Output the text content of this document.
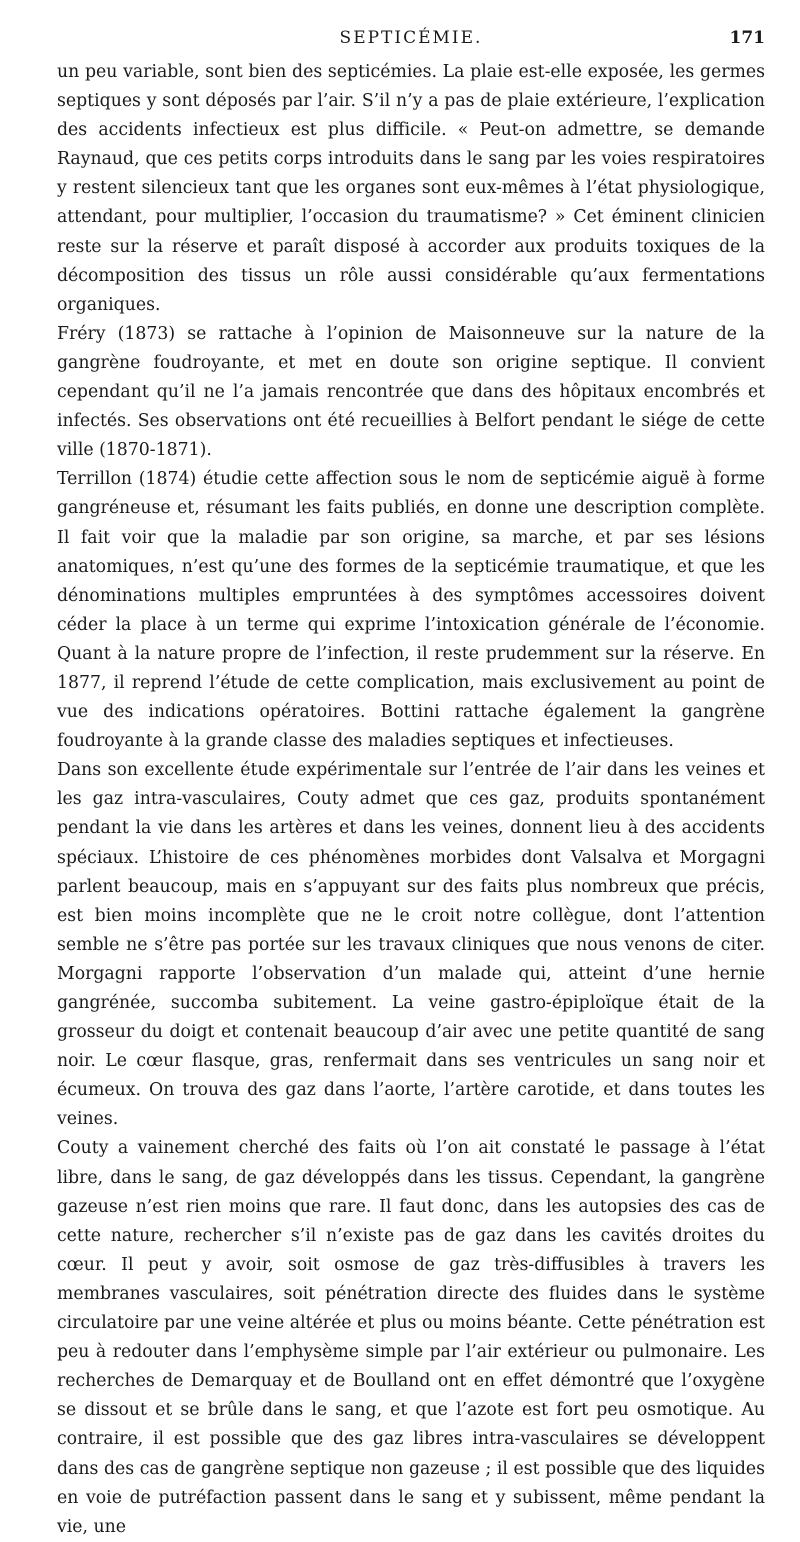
SEPTICÉMIE.	171

un peu variable, sont bien des septicémies. La plaie est-elle exposée, les germes septiques y sont déposés par l’air. S’il n’y a pas de plaie extérieure, l’explication des accidents infectieux est plus difficile. « Peut-on admettre, se demande Raynaud, que ces petits corps introduits dans le sang par les voies respiratoires y restent silencieux tant que les organes sont eux-mêmes à l’état physiologique, attendant, pour multiplier, l’occasion du traumatisme? » Cet éminent clinicien reste sur la réserve et paraît disposé à accorder aux produits toxiques de la décomposition des tissus un rôle aussi considérable qu’aux fermentations organiques.

Fréry (1873) se rattache à l’opinion de Maisonneuve sur la nature de la gangrène foudroyante, et met en doute son origine septique. Il convient cependant qu’il ne l’a jamais rencontrée que dans des hôpitaux encombrés et infectés. Ses observations ont été recueillies à Belfort pendant le siége de cette ville (1870-1871).

Terrillon (1874) étudie cette affection sous le nom de septicémie aiguë à forme gangréneuse et, résumant les faits publiés, en donne une description complète. Il fait voir que la maladie par son origine, sa marche, et par ses lésions anatomiques, n’est qu’une des formes de la septicémie traumatique, et que les dénominations multiples empruntées à des symptômes accessoires doivent céder la place à un terme qui exprime l’intoxication générale de l’économie. Quant à la nature propre de l’infection, il reste prudemment sur la réserve. En 1877, il reprend l’étude de cette complication, mais exclusivement au point de vue des indications opératoires. Bottini rattache également la gangrène foudroyante à la grande classe des maladies septiques et infectieuses.

Dans son excellente étude expérimentale sur l’entrée de l’air dans les veines et les gaz intra-vasculaires, Couty admet que ces gaz, produits spontanément pendant la vie dans les artères et dans les veines, donnent lieu à des accidents spéciaux. L’histoire de ces phénomènes morbides dont Valsalva et Morgagni parlent beaucoup, mais en s’appuyant sur des faits plus nombreux que précis, est bien moins incomplète que ne le croit notre collègue, dont l’attention semble ne s’être pas portée sur les travaux cliniques que nous venons de citer. Morgagni rapporte l’observation d’un malade qui, atteint d’une hernie gangrénée, succomba subitement. La veine gastro-épiploïque était de la grosseur du doigt et contenait beaucoup d’air avec une petite quantité de sang noir. Le cœur flasque, gras, renfermait dans ses ventricules un sang noir et écumeux. On trouva des gaz dans l’aorte, l’artère carotide, et dans toutes les veines.

Couty a vainement cherché des faits où l’on ait constaté le passage à l’état libre, dans le sang, de gaz développés dans les tissus. Cependant, la gangrène gazeuse n’est rien moins que rare. Il faut donc, dans les autopsies des cas de cette nature, rechercher s’il n’existe pas de gaz dans les cavités droites du cœur. Il peut y avoir, soit osmose de gaz très-diffusibles à travers les membranes vasculaires, soit pénétration directe des fluides dans le système circulatoire par une veine altérée et plus ou moins béante. Cette pénétration est peu à redouter dans l’emphysème simple par l’air extérieur ou pulmonaire. Les recherches de Demarquay et de Boulland ont en effet démontré que l’oxygène se dissout et se brûle dans le sang, et que l’azote est fort peu osmotique. Au contraire, il est possible que des gaz libres intra-vasculaires se développent dans des cas de gangrène septique non gazeuse ; il est possible que des liquides en voie de putréfaction passent dans le sang et y subissent, même pendant la vie, une
